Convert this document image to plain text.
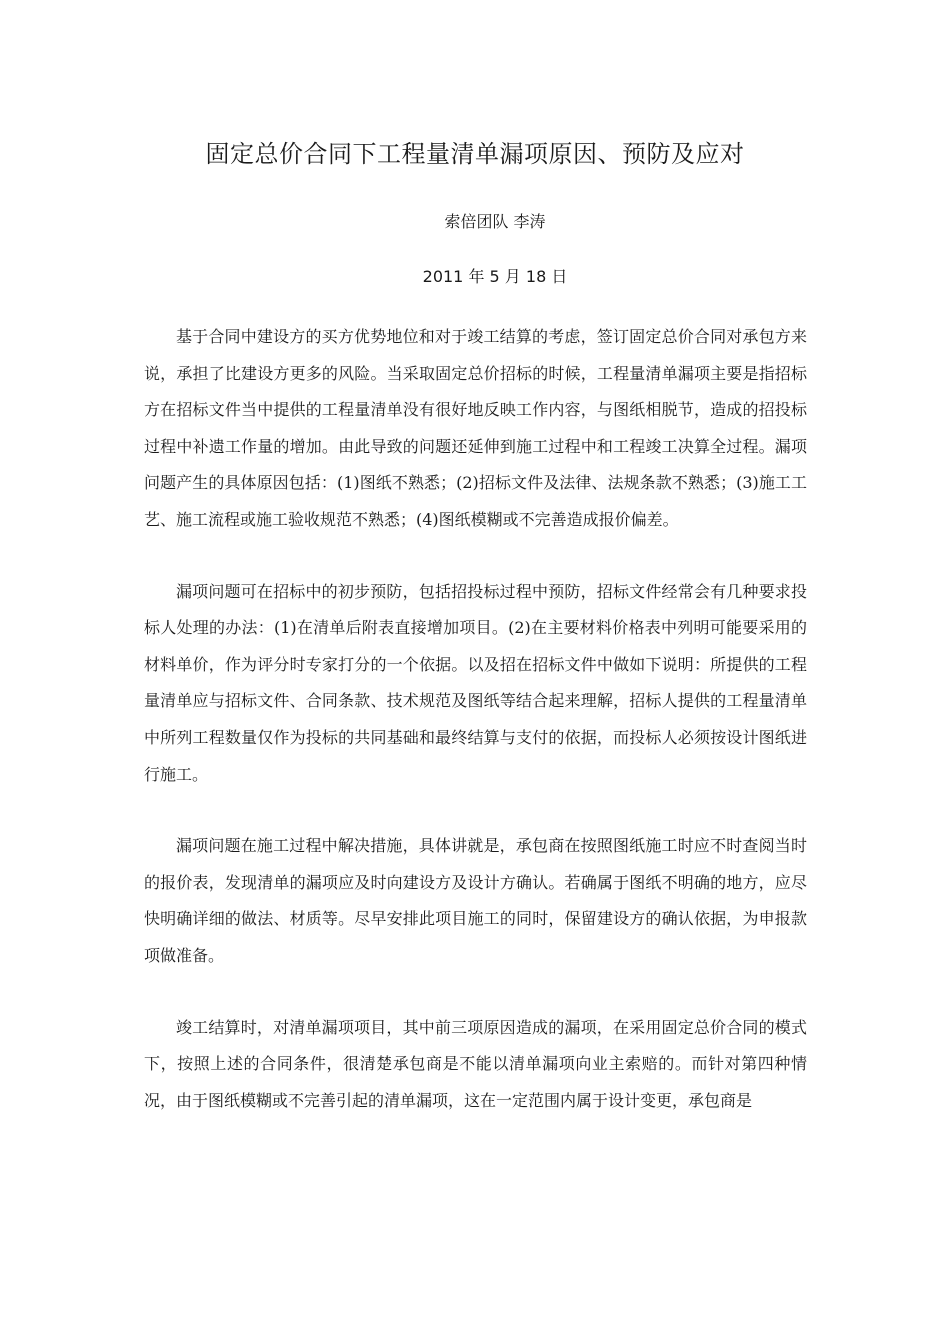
固定总价合同下工程量清单漏项原因、预防及应对
索倍团队 李涛
2011 年 5 月 18 日

基于合同中建设方的买方优势地位和对于竣工结算的考虑，签订固定总价合同对承包方来说，承担了比建设方更多的风险。当采取固定总价招标的时候，工程量清单漏项主要是指招标方在招标文件当中提供的工程量清单没有很好地反映工作内容，与图纸相脱节，造成的招投标过程中补遗工作量的增加。由此导致的问题还延伸到施工过程中和工程竣工决算全过程。漏项问题产生的具体原因包括：(1)图纸不熟悉；(2)招标文件及法律、法规条款不熟悉；(3)施工工艺、施工流程或施工验收规范不熟悉；(4)图纸模糊或不完善造成报价偏差。

漏项问题可在招标中的初步预防，包括招投标过程中预防，招标文件经常会有几种要求投标人处理的办法：(1)在清单后附表直接增加项目。(2)在主要材料价格表中列明可能要采用的材料单价，作为评分时专家打分的一个依据。以及招在招标文件中做如下说明：所提供的工程量清单应与招标文件、合同条款、技术规范及图纸等结合起来理解，招标人提供的工程量清单中所列工程数量仅作为投标的共同基础和最终结算与支付的依据，而投标人必须按设计图纸进行施工。

漏项问题在施工过程中解决措施，具体讲就是，承包商在按照图纸施工时应不时查阅当时的报价表，发现清单的漏项应及时向建设方及设计方确认。若确属于图纸不明确的地方，应尽快明确详细的做法、材质等。尽早安排此项目施工的同时，保留建设方的确认依据，为申报款项做准备。

竣工结算时，对清单漏项项目，其中前三项原因造成的漏项，在采用固定总价合同的模式下，按照上述的合同条件，很清楚承包商是不能以清单漏项向业主索赔的。而针对第四种情况，由于图纸模糊或不完善引起的清单漏项，这在一定范围内属于设计变更，承包商是
